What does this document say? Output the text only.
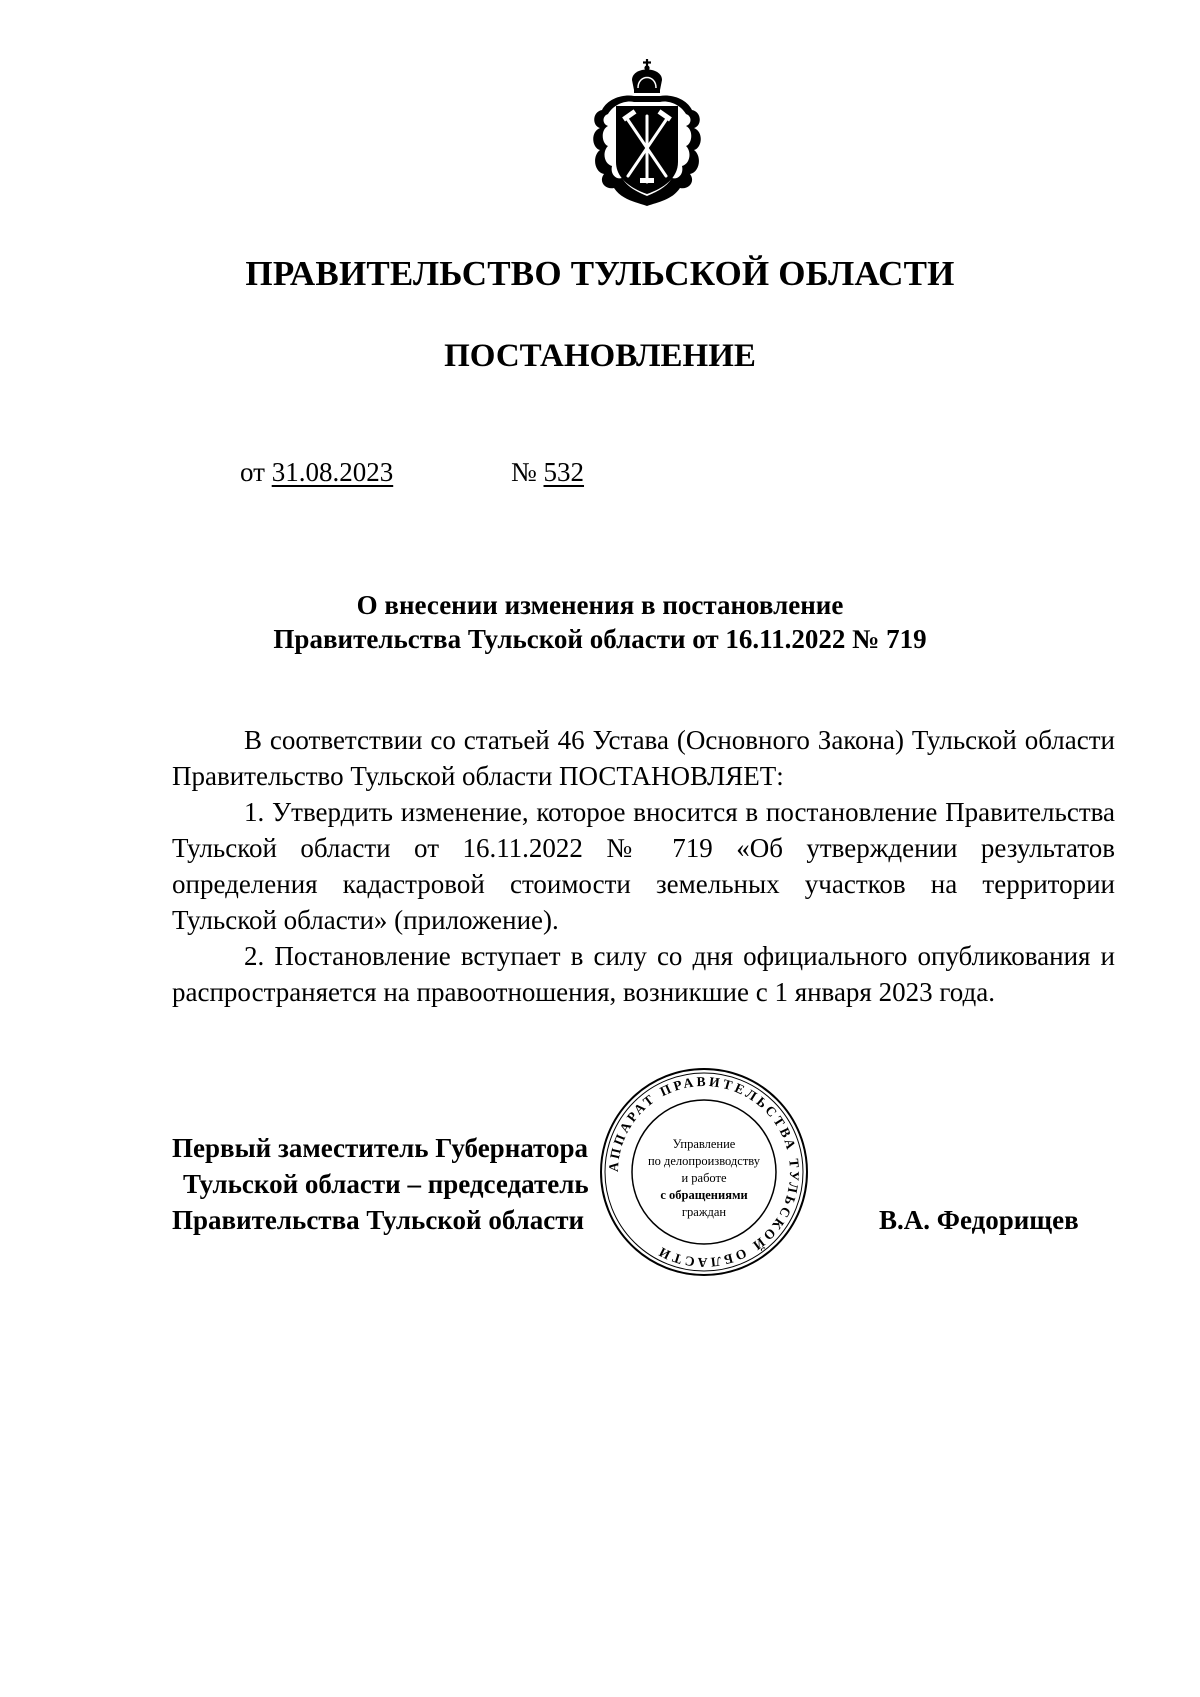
ПРАВИТЕЛЬСТВО ТУЛЬСКОЙ ОБЛАСТИ
ПОСТАНОВЛЕНИЕ
от 31.08.2023	№ 532
О внесении изменения в постановление
Правительства Тульской области от 16.11.2022 № 719

В соответствии со статьей 46 Устава (Основного Закона) Тульской области Правительство Тульской области ПОСТАНОВЛЯЕТ:

1. Утвердить изменение, которое вносится в постановление Правительства Тульской области от 16.11.2022 № 719 «Об утверждении результатов определения кадастровой стоимости земельных участков на территории Тульской области» (приложение).

2. Постановление вступает в силу со дня официального опубликования и распространяется на правоотношения, возникшие с 1 января 2023 года.

АППАРАТ ПРАВИТЕЛЬСТВА ТУЛЬСКОЙ ОБЛАСТИ
Управление
по делопроизводству
и работе
с обращениями
граждан
Первый заместитель Губернатора
Тульской области – председатель
Правительства Тульской области	В.А. Федорищев
